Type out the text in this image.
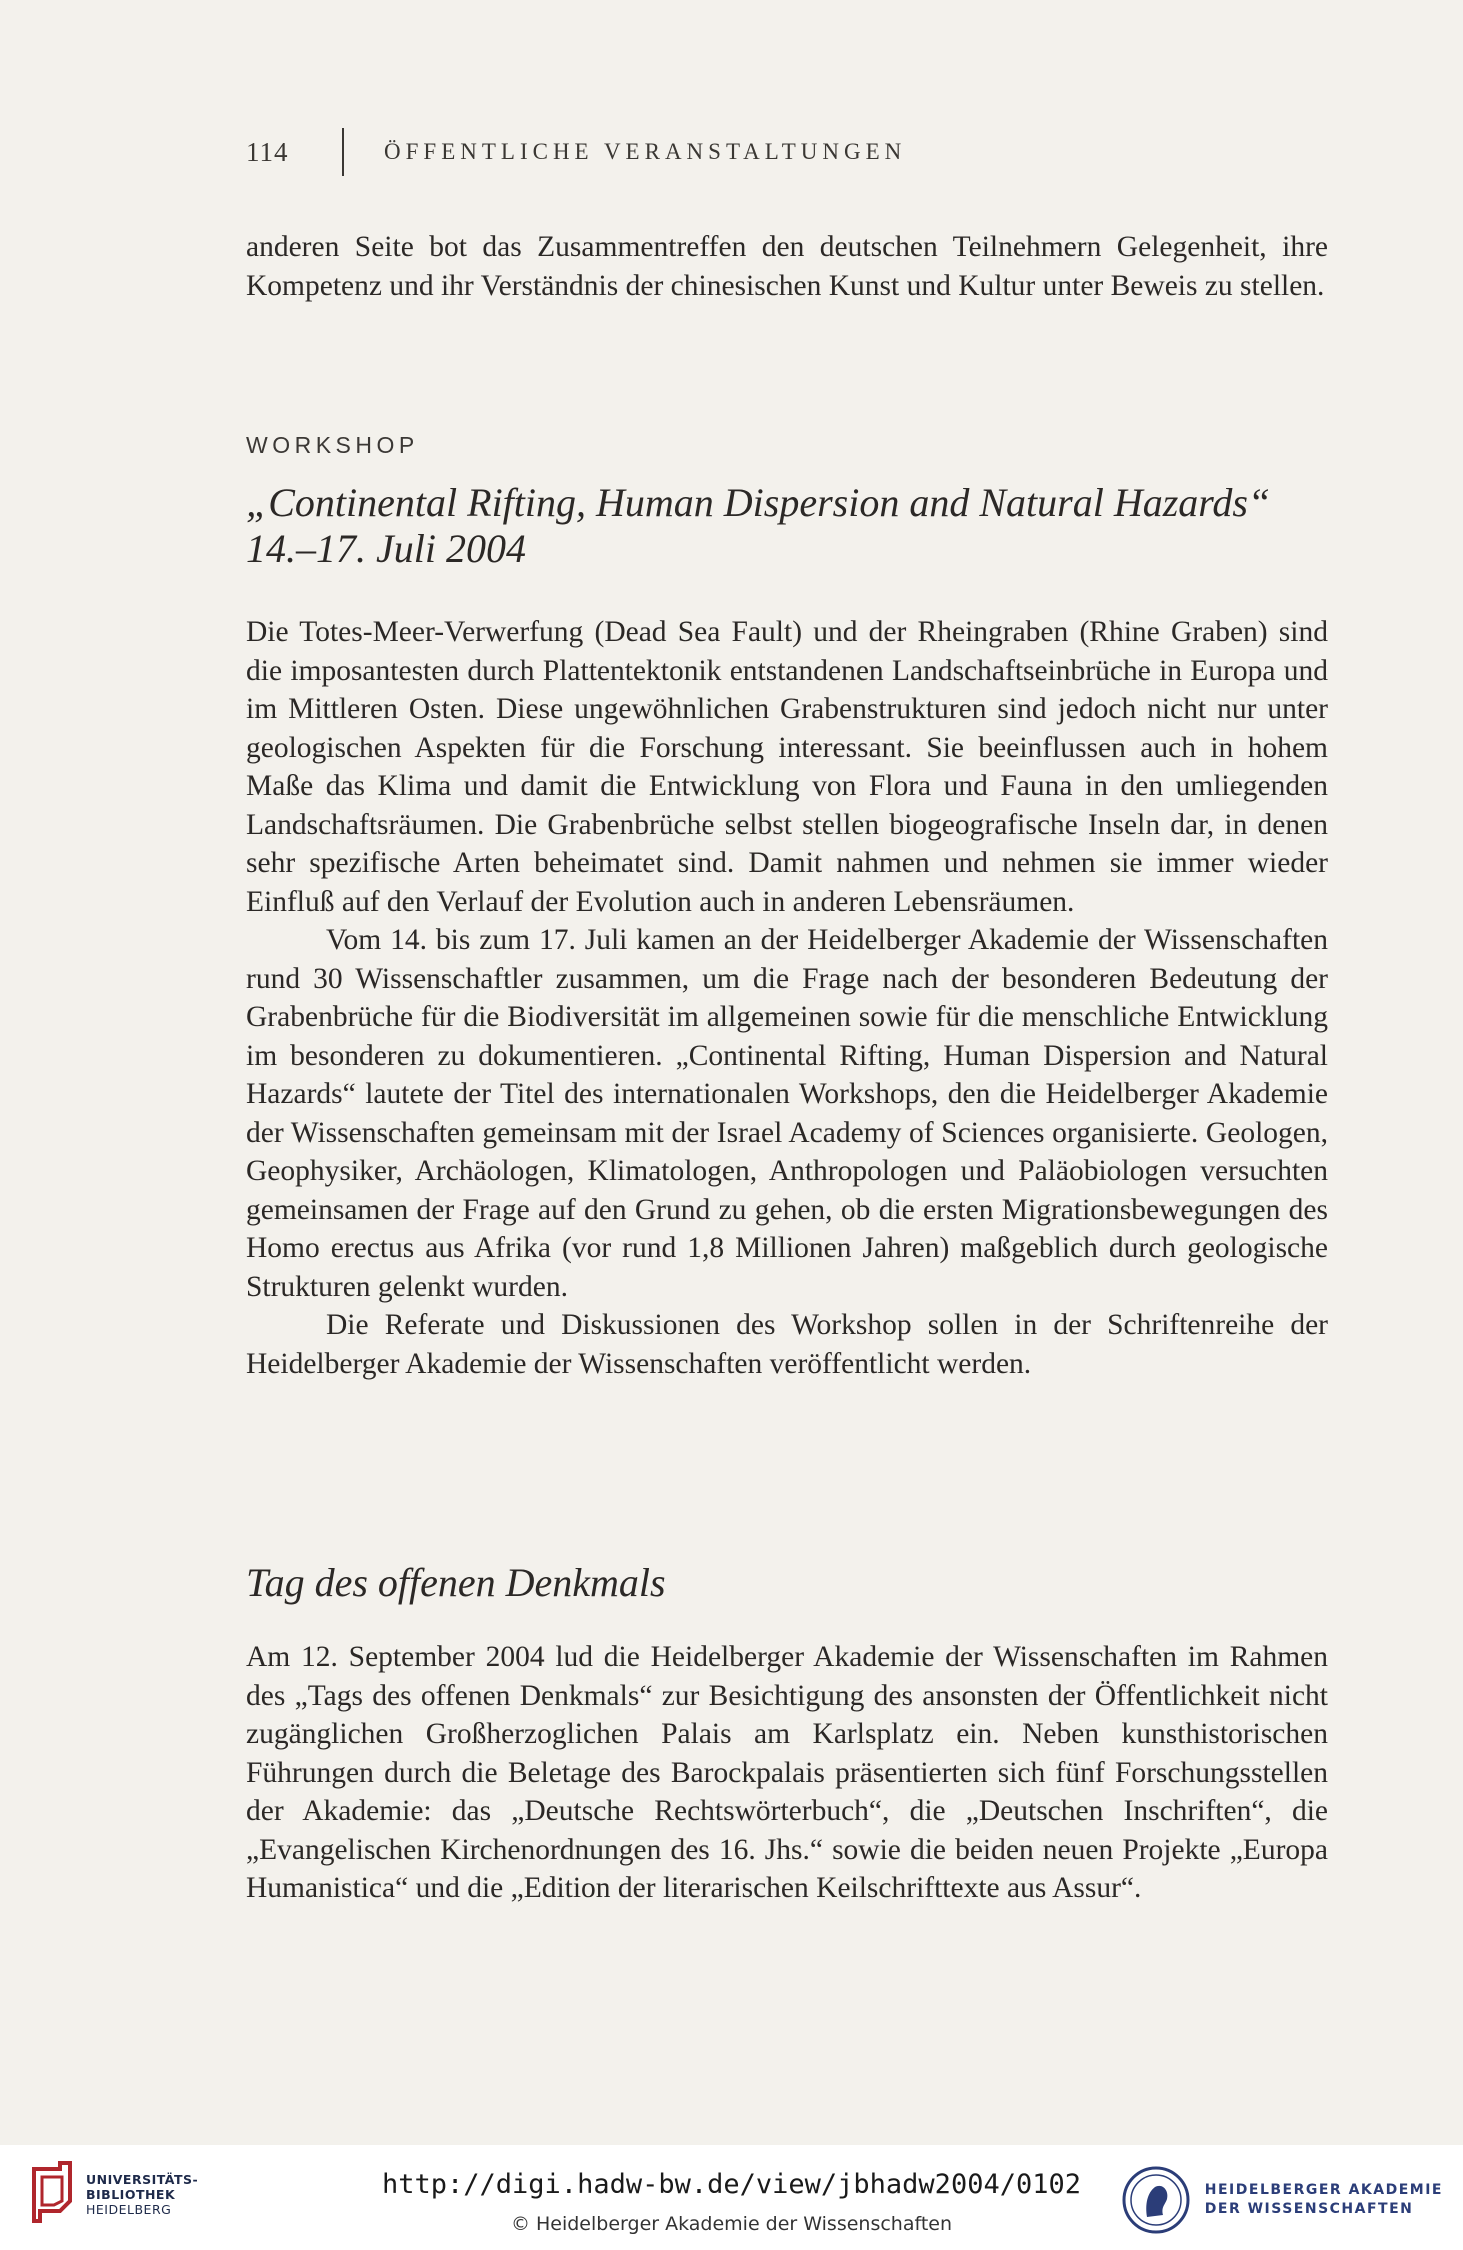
114	ÖFFENTLICHE VERANSTALTUNGEN

anderen Seite bot das Zusammentreffen den deutschen Teilnehmern Gelegenheit, ihre Kompetenz und ihr Verständnis der chinesischen Kunst und Kultur unter Beweis zu stellen.

WORKSHOP
„Continental Rifting, Human Dispersion and Natural Hazards“
14.–17. Juli 2004

Die Totes-Meer-Verwerfung (Dead Sea Fault) und der Rheingraben (Rhine Graben) sind die imposantesten durch Plattentektonik entstandenen Landschaftseinbrüche in Europa und im Mittleren Osten. Diese ungewöhnlichen Grabenstrukturen sind jedoch nicht nur unter geologischen Aspekten für die Forschung interessant. Sie beeinflussen auch in hohem Maße das Klima und damit die Entwicklung von Flora und Fauna in den umliegenden Landschaftsräumen. Die Grabenbrüche selbst stellen biogeografische Inseln dar, in denen sehr spezifische Arten beheimatet sind. Damit nahmen und nehmen sie immer wieder Einfluß auf den Verlauf der Evolution auch in anderen Lebensräumen.

Vom 14. bis zum 17. Juli kamen an der Heidelberger Akademie der Wissenschaften rund 30 Wissenschaftler zusammen, um die Frage nach der besonderen Bedeutung der Grabenbrüche für die Biodiversität im allgemeinen sowie für die menschliche Entwicklung im besonderen zu dokumentieren. „Continental Rifting, Human Dispersion and Natural Hazards“ lautete der Titel des internationalen Workshops, den die Heidelberger Akademie der Wissenschaften gemeinsam mit der Israel Academy of Sciences organisierte. Geologen, Geophysiker, Archäologen, Klimatologen, Anthropologen und Paläobiologen versuchten gemeinsamen der Frage auf den Grund zu gehen, ob die ersten Migrationsbewegungen des Homo erectus aus Afrika (vor rund 1,8 Millionen Jahren) maßgeblich durch geologische Strukturen gelenkt wurden.

Die Referate und Diskussionen des Workshop sollen in der Schriftenreihe der Heidelberger Akademie der Wissenschaften veröffentlicht werden.

Tag des offenen Denkmals

Am 12. September 2004 lud die Heidelberger Akademie der Wissenschaften im Rahmen des „Tags des offenen Denkmals“ zur Besichtigung des ansonsten der Öffentlichkeit nicht zugänglichen Großherzoglichen Palais am Karlsplatz ein. Neben kunsthistorischen Führungen durch die Beletage des Barockpalais präsentierten sich fünf Forschungsstellen der Akademie: das „Deutsche Rechtswörterbuch“, die „Deutschen Inschriften“, die „Evangelischen Kirchenordnungen des 16. Jhs.“ sowie die beiden neuen Projekte „Europa Humanistica“ und die „Edition der literarischen Keilschrifttexte aus Assur“.

UNIVERSITÄTS-
BIBLIOTHEK
HEIDELBERG
http://digi.hadw-bw.de/view/jbhadw2004/0102
© Heidelberger Akademie der Wissenschaften
HEIDELBERGER AKADEMIE
DER WISSENSCHAFTEN
